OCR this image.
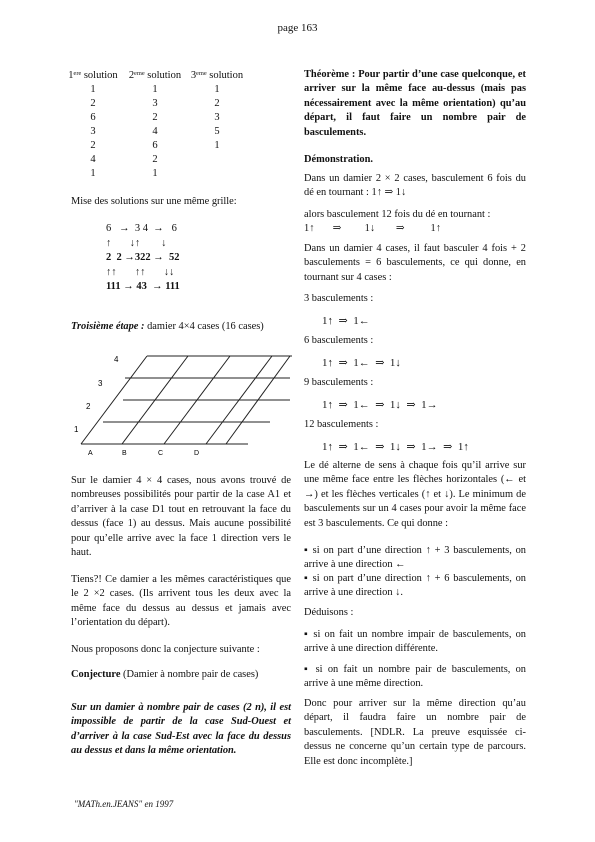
page 163
1ᵉʳᵉ solution	2ᵉᵐᵉ solution	3ᵉᵐᵉ solution
1	1	1
2	3	2
6	2	3
3	4	5
2	6	1
4	2	
1	1	
Mise des solutions sur une même grille:
6   →  3 4  →   6
↑       ↓↑        ↓
2  2 →322 →  52
↑↑       ↑↑       ↓↓
111 → 43  → 111
Troisième étape : damier 4×4 cases (16 cases)
4
3
2
1
A	B	C	D
Sur le damier 4 × 4 cases, nous avons trouvé de nombreuses possibilités pour partir de la case A1 et d’arriver à la case D1 tout en retrouvant la face du dessus (face 1) au dessus. Mais aucune possibilité pour qu’elle arrive avec la face 1 direction vers le haut.
Tiens?! Ce damier a les mêmes caractéristiques que le 2 ×2 cases. (Ils arrivent tous les deux avec la même face du dessus au dessus et jamais avec l’orientation du départ).
Nous proposons donc la conjecture suivante :
Conjecture (Damier à nombre pair de cases)
Sur un damier à nombre pair de cases (2 n), il est impossible de partir de la case Sud-Ouest et d’arriver à la case Sud-Est avec la face du dessus au dessus et dans la même orientation.
Théorème : Pour partir d’une case quelconque, et arriver sur la même face au-dessus (mais pas nécessairement avec la même orientation) qu’au départ, il faut faire un nombre pair de basculements.
Démonstration.
Dans un damier 2 × 2 cases, basculement 6 fois du dé en tournant : 1↑ ⇒ 1↓
alors basculement 12 fois du dé en tournant :
1↑       ⇒         1↓        ⇒          1↑
Dans un damier 4 cases, il faut basculer 4 fois + 2 basculements = 6 basculements, ce qui donne, en tournant sur 4 cases :
3 basculements :
1↑  ⇒  1←
6 basculements :
1↑  ⇒  1←  ⇒  1↓
9 basculements :
1↑  ⇒  1←  ⇒  1↓  ⇒  1→
12 basculements :
1↑  ⇒  1←  ⇒  1↓  ⇒  1→  ⇒  1↑
Le dé alterne de sens à chaque fois qu’il arrive sur une même face entre les flèches horizontales (← et →) et les flèches verticales (↑ et ↓). Le minimum de basculements sur un 4 cases pour avoir la même face est 3 basculements. Ce qui donne :
▪ si on part d’une direction ↑ + 3 basculements, on arrive à une direction ←
▪ si on part d’une direction ↑ + 6 basculements, on arrive à une direction ↓.
Déduisons :
▪ si on fait un nombre impair de basculements, on arrive à une direction différente.
▪ si on fait un nombre pair de basculements, on arrive à une même direction.
Donc pour arriver sur la même direction qu’au départ, il faudra faire un nombre pair de basculements. [NDLR. La preuve esquissée ci-dessus ne concerne qu’un certain type de parcours. Elle est donc incomplète.]
"MATh.en.JEANS" en 1997
